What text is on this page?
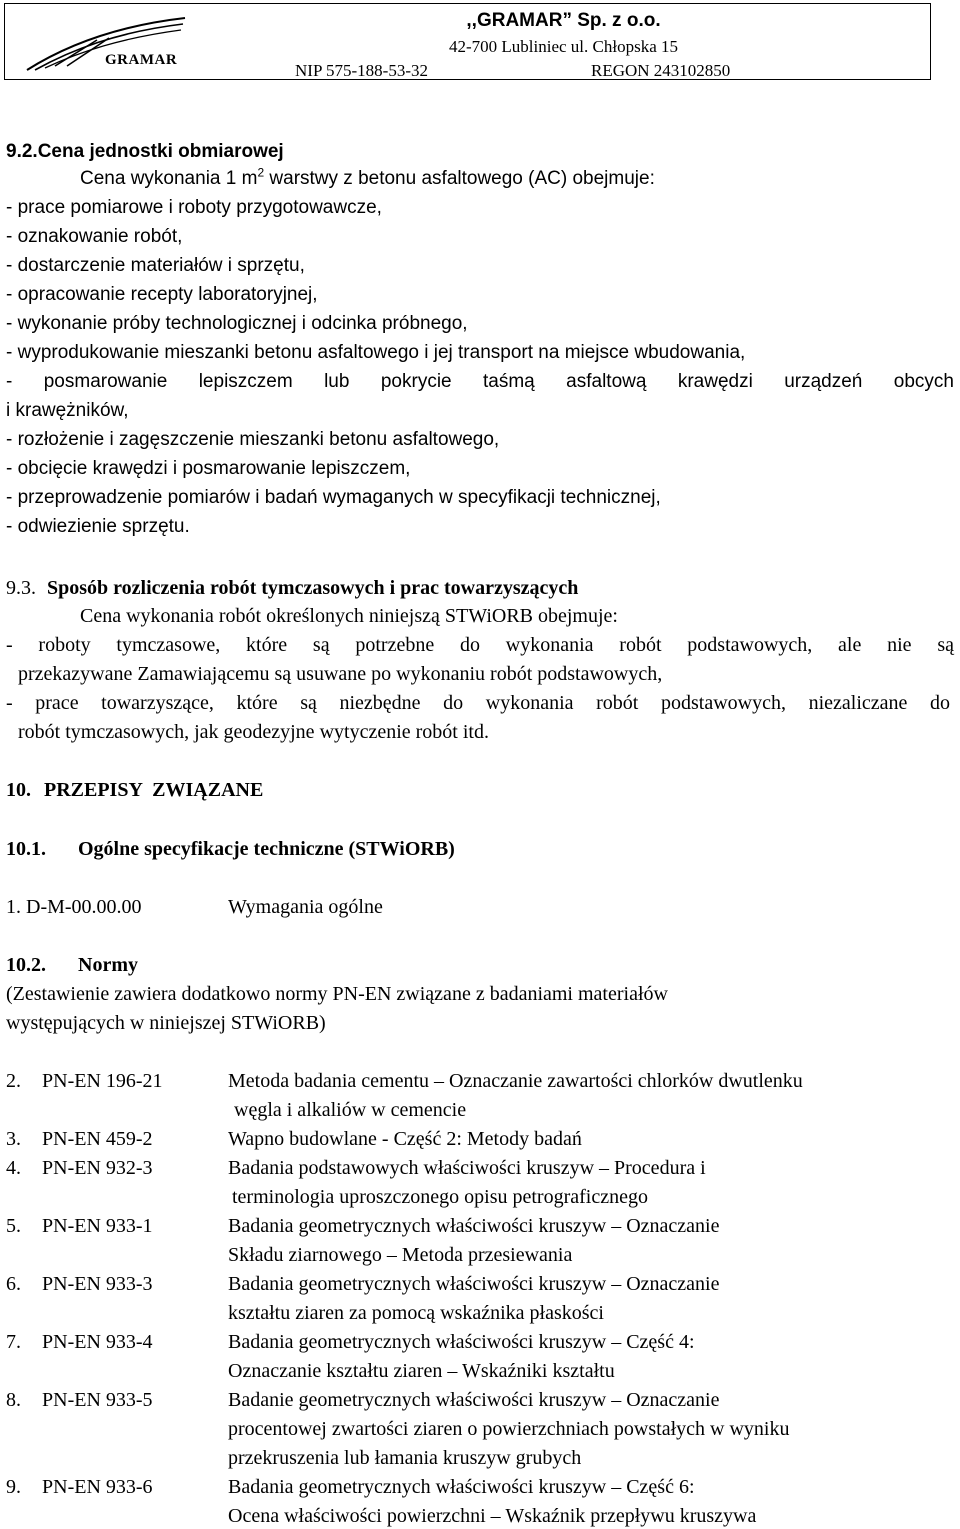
GRAMAR
,,GRAMAR” Sp. z o.o.
42-700 Lubliniec ul. Chłopska 15
NIP 575-188-53-32	REGON 243102850
9.2.Cena jednostki obmiarowej
Cena wykonania 1 $m^2$ warstwy z betonu asfaltowego (AC) obejmuje:
- prace pomiarowe i roboty przygotowawcze,
- oznakowanie robót,
- dostarczenie materiałów i sprzętu,
- opracowanie recepty laboratoryjnej,
- wykonanie próby technologicznej i odcinka próbnego,
- wyprodukowanie mieszanki betonu asfaltowego i jej transport na miejsce wbudowania,
- posmarowanie lepiszczem lub pokrycie taśmą asfaltową krawędzi urządzeń obcych
i krawężników,
- rozłożenie i zagęszczenie mieszanki betonu asfaltowego,
- obcięcie krawędzi i posmarowanie lepiszczem,
- przeprowadzenie pomiarów i badań wymaganych w specyfikacji technicznej,
- odwiezienie sprzętu.
9.3. Sposób rozliczenia robót tymczasowych i prac towarzyszących
Cena wykonania robót określonych niniejszą STWiORB obejmuje:
- roboty tymczasowe, które są potrzebne do wykonania robót podstawowych, ale nie są
przekazywane Zamawiającemu są usuwane po wykonaniu robót podstawowych,
- prace towarzyszące, które są niezbędne do wykonania robót podstawowych, niezaliczane do
robót tymczasowych, jak geodezyjne wytyczenie robót itd.
10. PRZEPISY  ZWIĄZANE
10.1. Ogólne specyfikacje techniczne (STWiORB)
1. D-M-00.00.00	Wymagania ogólne
10.2. Normy
(Zestawienie zawiera dodatkowo normy PN-EN związane z badaniami materiałów
występujących w niniejszej STWiORB)
2. PN-EN 196-21	Metoda badania cementu – Oznaczanie zawartości chlorków dwutlenku
węgla i alkaliów w cemencie
3. PN-EN 459-2	Wapno budowlane - Część 2: Metody badań
4. PN-EN 932-3	Badania podstawowych właściwości kruszyw – Procedura i
terminologia uproszczonego opisu petrograficznego
5. PN-EN 933-1	Badania geometrycznych właściwości kruszyw – Oznaczanie
Składu ziarnowego – Metoda przesiewania
6. PN-EN 933-3	Badania geometrycznych właściwości kruszyw – Oznaczanie
kształtu ziaren za pomocą wskaźnika płaskości
7. PN-EN 933-4	Badania geometrycznych właściwości kruszyw – Część 4:
Oznaczanie kształtu ziaren – Wskaźniki kształtu
8. PN-EN 933-5	Badanie geometrycznych właściwości kruszyw – Oznaczanie
procentowej zwartości ziaren o powierzchniach powstałych w wyniku
przekruszenia lub łamania kruszyw grubych
9. PN-EN 933-6	Badania geometrycznych właściwości kruszyw – Część 6:
Ocena właściwości powierzchni – Wskaźnik przepływu kruszywa
